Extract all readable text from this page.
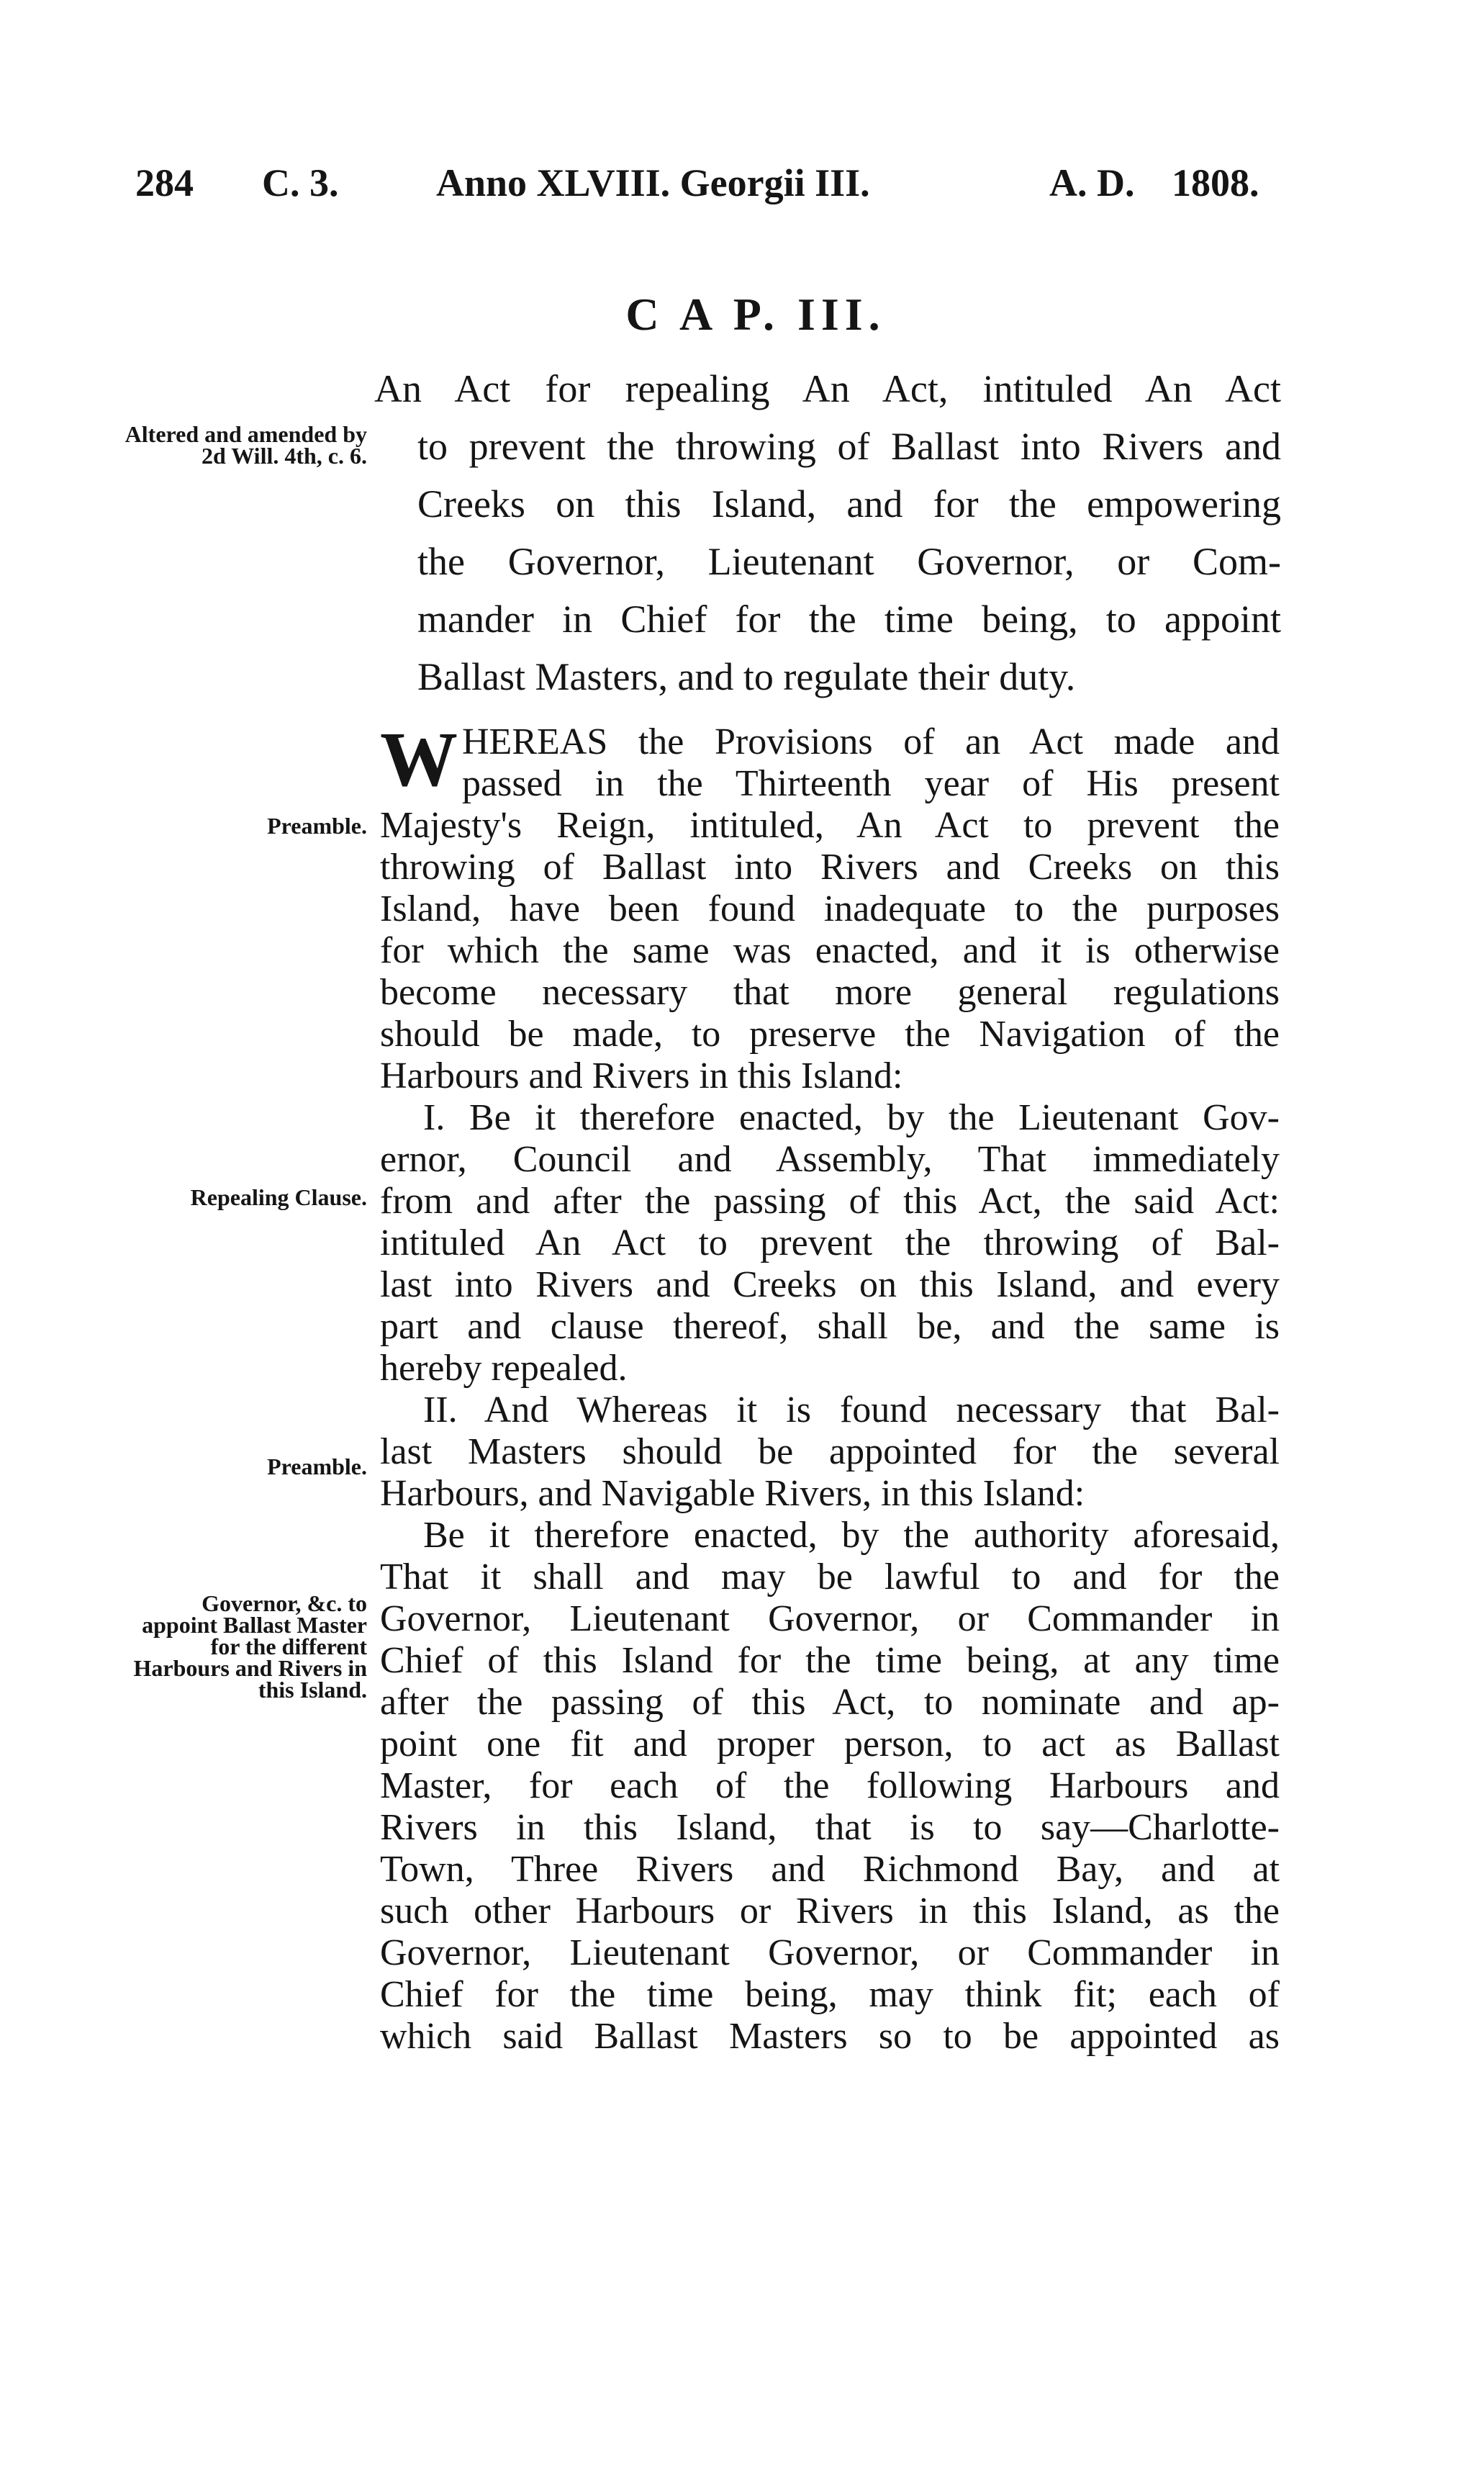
284 C. 3.	Anno XLVIII. Georgii III.	A. D. 1808.
C A P. III.
An Act for repealing An Act, intituled An Act
to prevent the throwing of Ballast into Rivers and
Creeks on this Island, and for the empowering
the Governor, Lieutenant Governor, or Com-
mander in Chief for the time being, to appoint
Ballast Masters, and to regulate their duty.
Altered and amended by 2d Will. 4th, c. 6.
Preamble.
Repealing Clause.
Preamble.
Governor, &c. to appoint Ballast Master for the different Harbours and Rivers in this Island.
W HEREAS the Provisions of an Act made and
passed in the Thirteenth year of His present
Majesty's Reign, intituled, An Act to prevent the
throwing of Ballast into Rivers and Creeks on this
Island, have been found inadequate to the purposes
for which the same was enacted, and it is otherwise
become necessary that more general regulations
should be made, to preserve the Navigation of the
Harbours and Rivers in this Island:
I. Be it therefore enacted, by the Lieutenant Gov-
ernor, Council and Assembly, That immediately
from and after the passing of this Act, the said Act:
intituled An Act to prevent the throwing of Bal-
last into Rivers and Creeks on this Island, and every
part and clause thereof, shall be, and the same is
hereby repealed.
II. And Whereas it is found necessary that Bal-
last Masters should be appointed for the several
Harbours, and Navigable Rivers, in this Island:
Be it therefore enacted, by the authority aforesaid,
That it shall and may be lawful to and for the
Governor, Lieutenant Governor, or Commander in
Chief of this Island for the time being, at any time
after the passing of this Act, to nominate and ap-
point one fit and proper person, to act as Ballast
Master, for each of the following Harbours and
Rivers in this Island, that is to say—Charlotte-
Town, Three Rivers and Richmond Bay, and at
such other Harbours or Rivers in this Island, as the
Governor, Lieutenant Governor, or Commander in
Chief for the time being, may think fit; each of
which said Ballast Masters so to be appointed as
